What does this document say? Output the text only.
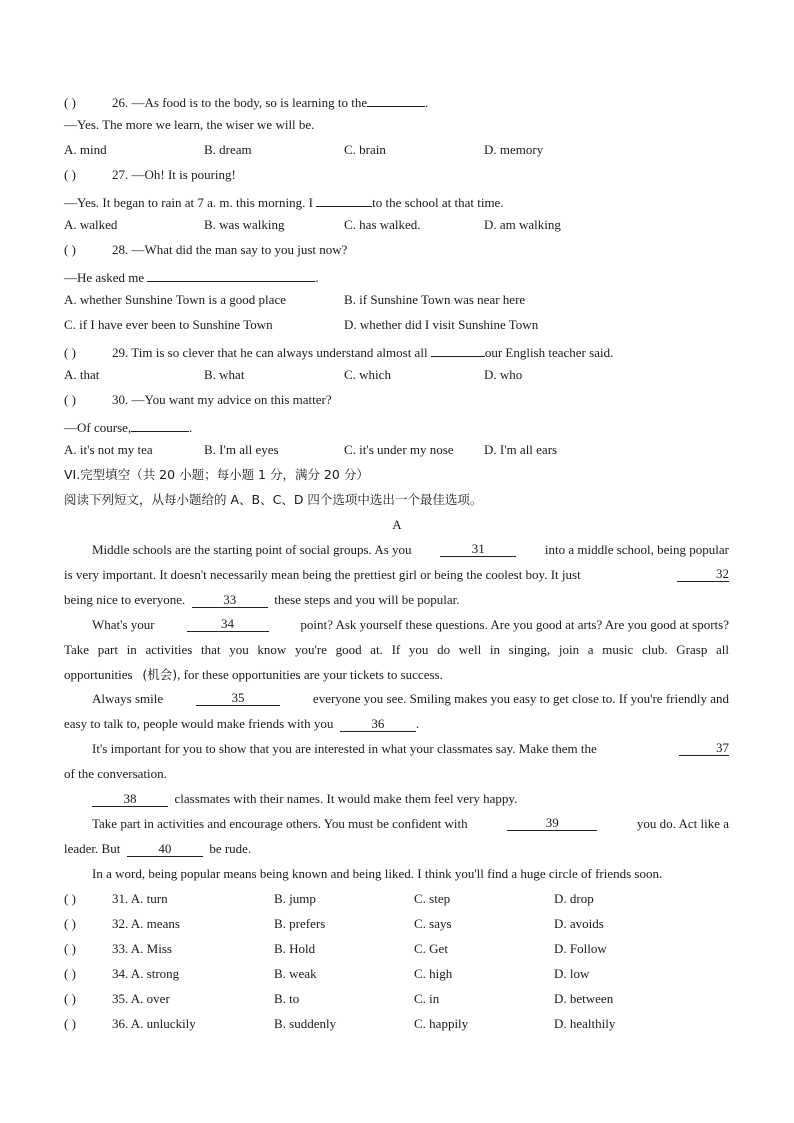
( )	26. —As food is to the body, so is learning to the	.
—Yes. The more we learn, the wiser we will be.
A. mind	B. dream	C. brain	D. memory
( )	27. —Oh! It is pouring!
—Yes. It began to rain at 7 a. m. this morning. I	to the school at that time.
A. walked	B. was walking	C. has walked.	D. am walking
( )	28. —What did the man say to you just now?
—He asked me	.
A. whether Sunshine Town is a good place	B. if Sunshine Town was near here
C. if I have ever been to Sunshine Town	D. whether did I visit Sunshine Town
( )	29. Tim is so clever that he can always understand almost all	our English teacher said.
A. that	B. what	C. which	D. who
( )	30. —You want my advice on this matter?
—Of course,	.
A. it's not my tea	B. I'm all eyes	C. it's under my nose D. I'm all ears
VI.完型填空（共 20 小题；每小题 1 分，满分 20 分）
阅读下列短文，从每小题给的 A、B、C、D 四个选项中选出一个最佳选项。
A
Middle schools are the starting point of social groups. As you	31	into a middle school, being popular
is very important. It doesn't necessarily mean being the prettiest girl or being the coolest boy. It just	32
being nice to everyone.	33	these steps and you will be popular.
What's your	34	point? Ask yourself these questions. Are you good at arts? Are you good at sports?
Take part in activities that you know you're good at. If you do well in singing, join a music club. Grasp all
opportunities (机会), for these opportunities are your tickets to success.
Always smile	35	everyone you see. Smiling makes you easy to get close to. If you're friendly and
easy to talk to, people would make friends with you	36 .
It's important for you to show that you are interested in what your classmates say. Make them the	37
of the conversation.
38	classmates with their names. It would make them feel very happy.
Take part in activities and encourage others. You must be confident with	39	you do. Act like a
leader. But	40	be rude.
In a word, being popular means being known and being liked. I think you'll find a huge circle of friends soon.
( )	31. A. turn	B. jump	C. step	D. drop
( )	32. A. means	B. prefers	C. says	D. avoids
( )	33. A. Miss	B. Hold	C. Get	D. Follow
( )	34. A. strong	B. weak	C. high	D. low
( )	35. A. over	B. to	C. in	D. between
( )	36. A. unluckily	B. suddenly	C. happily	D. healthily
